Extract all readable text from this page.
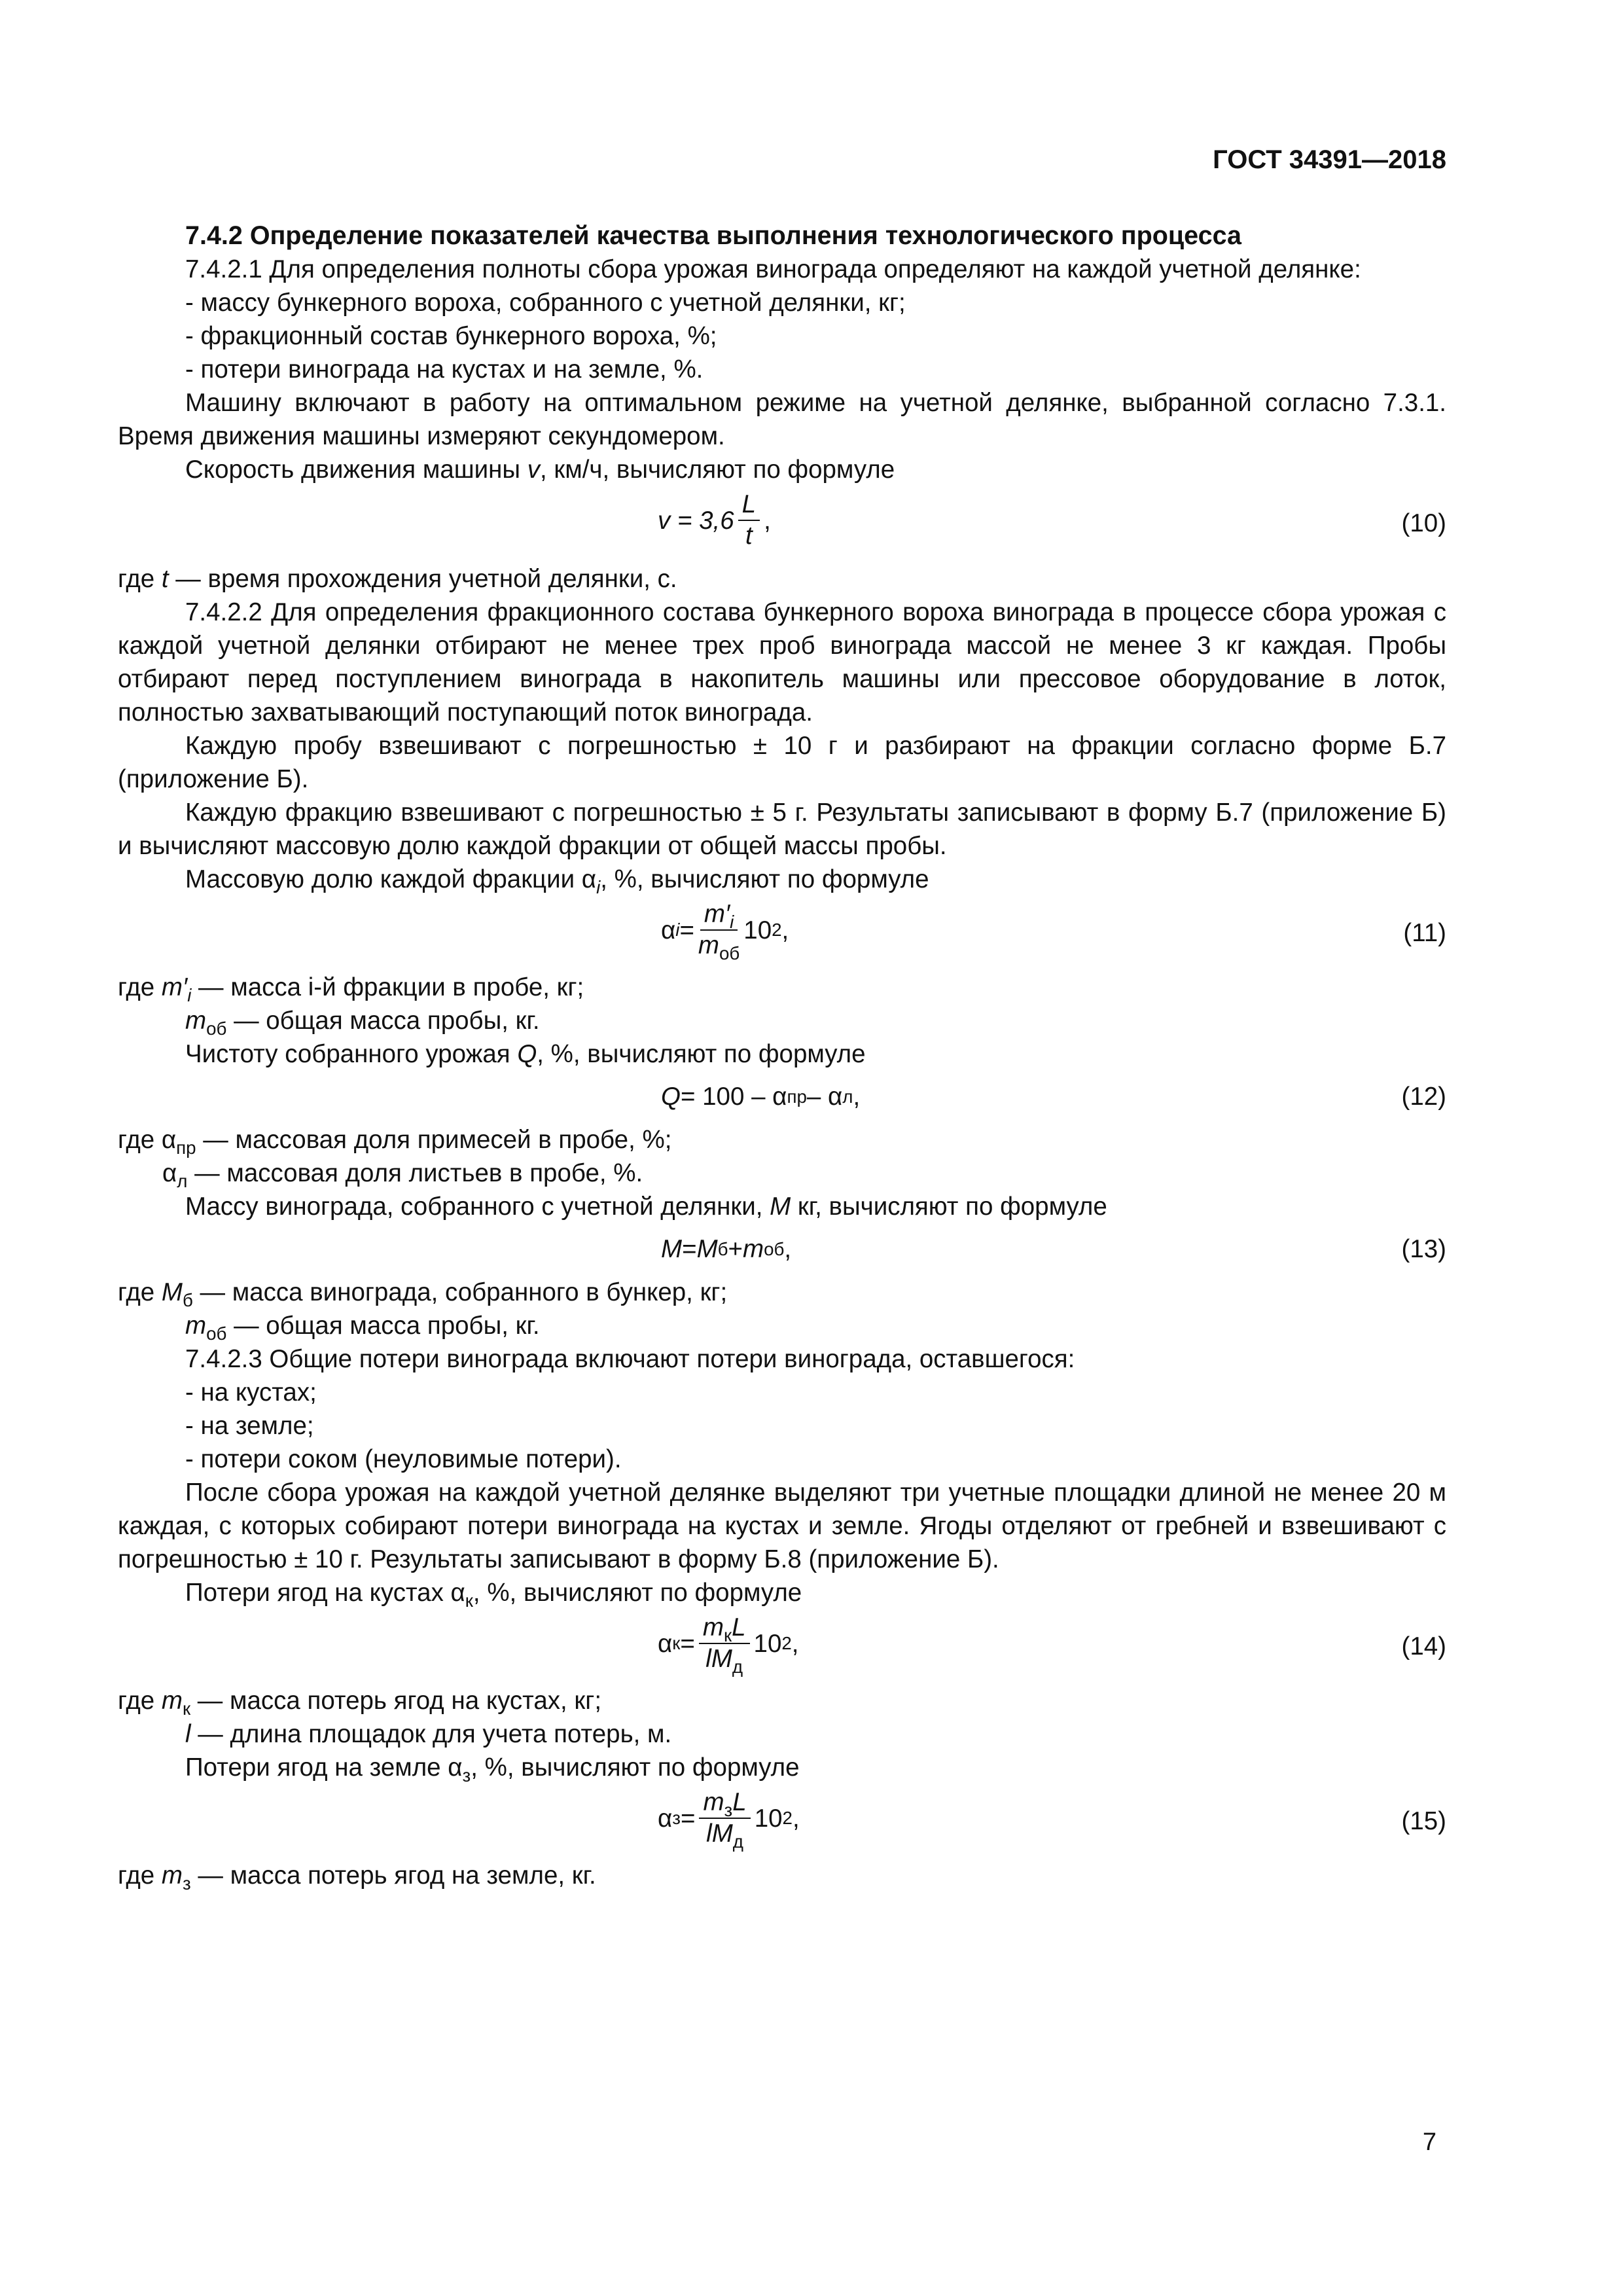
ГОСТ 34391—2018

7.4.2 Определение показателей качества выполнения технологического процесса

7.4.2.1 Для определения полноты сбора урожая винограда определяют на каждой учетной делянке:

- массу бункерного вороха, собранного с учетной делянки, кг;

- фракционный состав бункерного вороха, %;

- потери винограда на кустах и на земле, %.

Машину включают в работу на оптимальном режиме на учетной делянке, выбранной согласно 7.3.1. Время движения машины измеряют секундомером.

Скорость движения машины v, км/ч, вычисляют по формуле

$v = 3,6 \frac{L}{t}$ ,	(10)

где t — время прохождения учетной делянки, с.

7.4.2.2 Для определения фракционного состава бункерного вороха винограда в процессе сбора урожая с каждой учетной делянки отбирают не менее трех проб винограда массой не менее 3 кг каждая. Пробы отбирают перед поступлением винограда в накопитель машины или прессовое оборудование в лоток, полностью захватывающий поступающий поток винограда.

Каждую пробу взвешивают с погрешностью ± 10 г и разбирают на фракции согласно форме Б.7 (приложение Б).

Каждую фракцию взвешивают с погрешностью ± 5 г. Результаты записывают в форму Б.7 (приложение Б) и вычисляют массовую долю каждой фракции от общей массы пробы.

Массовую долю каждой фракции $\alpha_i$, %, вычисляют по формуле

α $i = \frac{m'_i}{m_{об}} 10$ 2 ,	(11)

где $m'_i$ — масса i-й фракции в пробе, кг;

$m_{об}$ — общая масса пробы, кг.

Чистоту собранного урожая Q, %, вычисляют по формуле

Q = 100 – α пр – α л ,	(12)

где $\alpha_{пр}$ — массовая доля примесей в пробе, %;

$\alpha_л$ — массовая доля листьев в пробе, %.

Массу винограда, собранного с учетной делянки, M кг, вычисляют по формуле

M = M б + m об ,	(13)

где $M_б$ — масса винограда, собранного в бункер, кг;

$m_{об}$ — общая масса пробы, кг.

7.4.2.3 Общие потери винограда включают потери винограда, оставшегося:

- на кустах;

- на земле;

- потери соком (неуловимые потери).

После сбора урожая на каждой учетной делянке выделяют три учетные площадки длиной не менее 20 м каждая, с которых собирают потери винограда на кустах и земле. Ягоды отделяют от гребней и взвешивают с погрешностью ± 10 г. Результаты записывают в форму Б.8 (приложение Б).

Потери ягод на кустах $\alpha_к$, %, вычисляют по формуле

α $к = \frac{m_кL}{lM_д} 10$ 2 ,	(14)

где $m_к$ — масса потерь ягод на кустах, кг;

l — длина площадок для учета потерь, м.

Потери ягод на земле $\alpha_з$, %, вычисляют по формуле

α $з = \frac{m_зL}{lM_д} 10$ 2 ,	(15)

где $m_з$ — масса потерь ягод на земле, кг.

7
